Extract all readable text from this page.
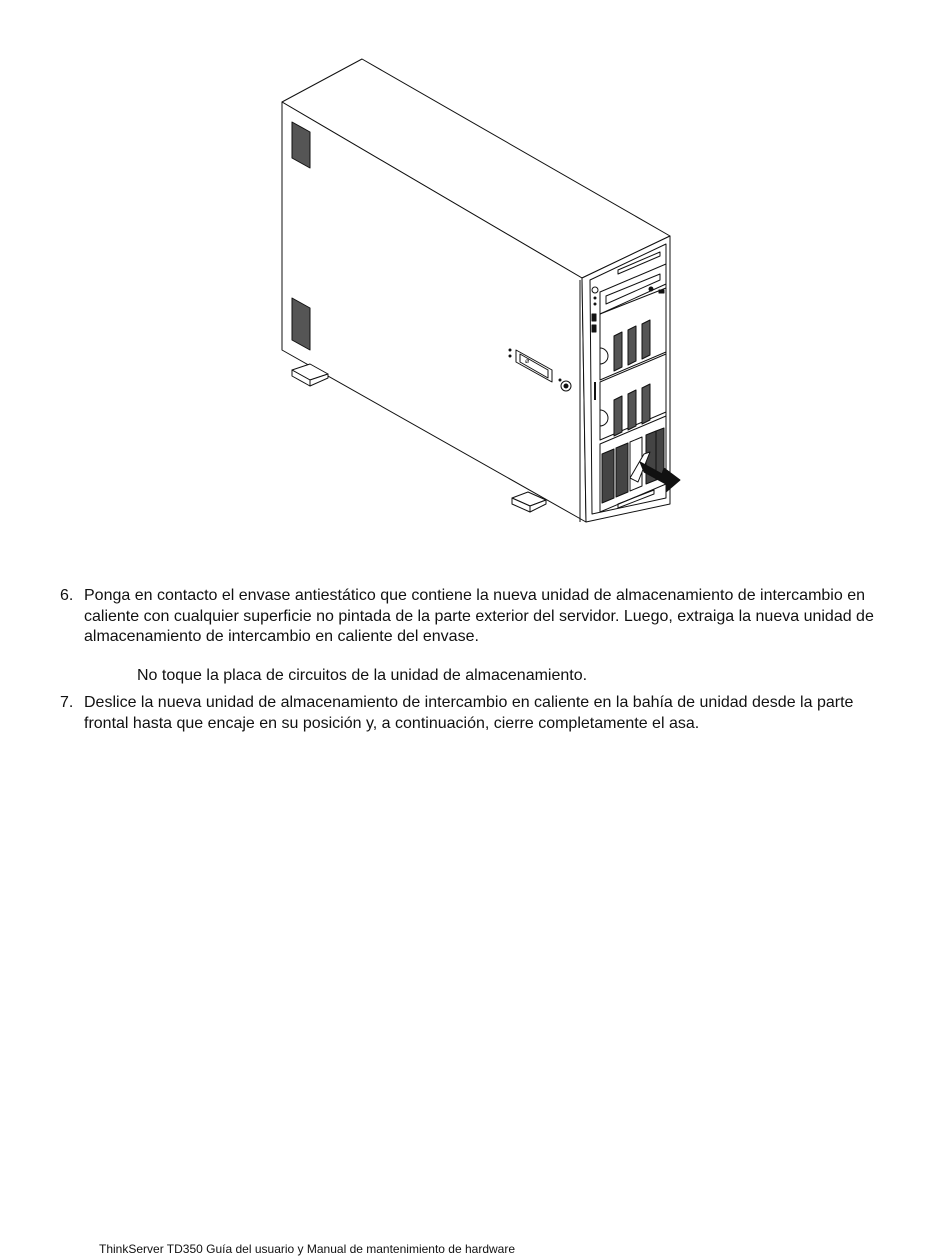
⌀
6. Ponga en contacto el envase antiestático que contiene la nueva unidad de almacenamiento de intercambio en caliente con cualquier superficie no pintada de la parte exterior del servidor. Luego, extraiga la nueva unidad de almacenamiento de intercambio en caliente del envase.
No toque la placa de circuitos de la unidad de almacenamiento.
7. Deslice la nueva unidad de almacenamiento de intercambio en caliente en la bahía de unidad desde la parte frontal hasta que encaje en su posición y, a continuación, cierre completamente el asa.
ThinkServer TD350 Guía del usuario y Manual de mantenimiento de hardware
